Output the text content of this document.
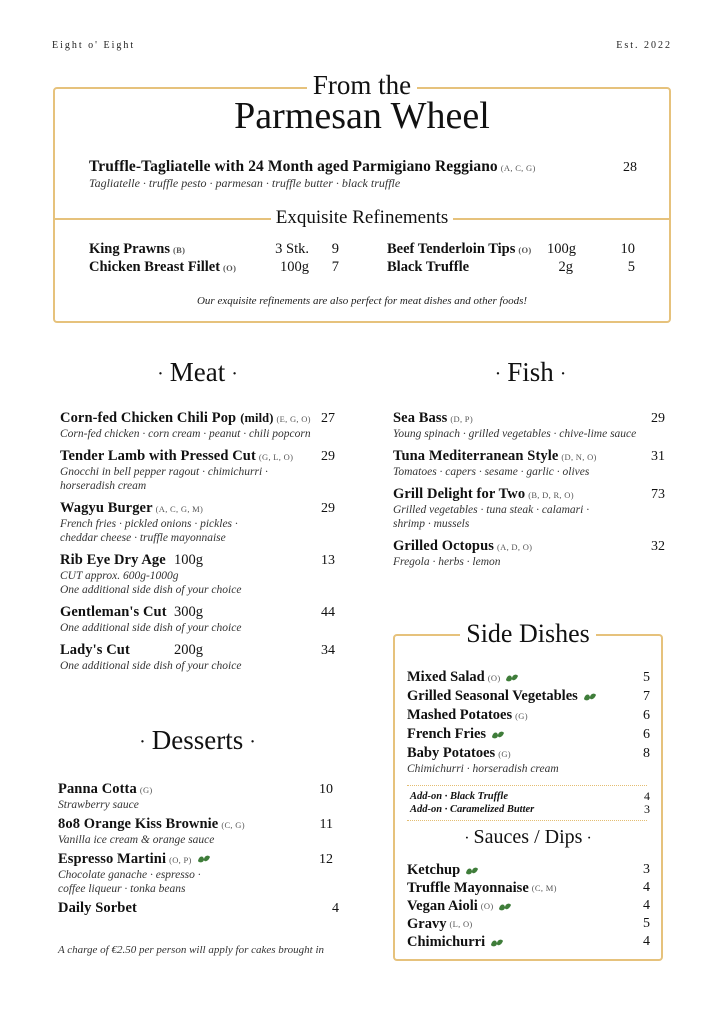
Eight o' Eight	Est. 2022
From the
Parmesan Wheel
Truffle-Tagliatelle with 24 Month aged Parmigiano Reggiano (A, C, G)	28
Tagliatelle · truffle pesto · parmesan · truffle butter · black truffle
Exquisite Refinements
King Prawns (B)	3 Stk.	9
Chicken Breast Fillet (O)	100g	7
Beef Tenderloin Tips (O)	100g	10
Black Truffle	2g	5
Our exquisite refinements are also perfect for meat dishes and other foods!
· Meat ·
Corn-fed Chicken Chili Pop (mild) (E, G, O) 27
Corn-fed chicken · corn cream · peanut · chili popcorn
Tender Lamb with Pressed Cut (G, L, O) 29
Gnocchi in bell pepper ragout · chimichurri ·
horseradish cream
Wagyu Burger (A, C, G, M)	29
French fries · pickled onions · pickles ·
cheddar cheese · truffle mayonnaise
Rib Eye Dry Age 100g	13
CUT approx. 600g-1000g
One additional side dish of your choice
Gentleman's Cut 300g	44
One additional side dish of your choice
Lady's Cut	200g	34
One additional side dish of your choice
· Desserts ·
Panna Cotta (G)	10
Strawberry sauce
8o8 Orange Kiss Brownie (C, G)	11
Vanilla ice cream & orange sauce
Espresso Martini (O, P)	12
Chocolate ganache · espresso ·
coffee liqueur · tonka beans
Daily Sorbet	4
A charge of €2.50 per person will apply for cakes brought in
· Fish ·
Sea Bass (D, P)	29
Young spinach · grilled vegetables · chive-lime sauce
Tuna Mediterranean Style (D, N, O)	31
Tomatoes · capers · sesame · garlic · olives
Grill Delight for Two (B, D, R, O)	73
Grilled vegetables · tuna steak · calamari ·
shrimp · mussels
Grilled Octopus (A, D, O)	32
Fregola · herbs · lemon
Side Dishes
Mixed Salad (O)	5
Grilled Seasonal Vegetables	7
Mashed Potatoes (G)	6
French Fries	6
Baby Potatoes (G)	8
Chimichurri · horseradish cream
Add-on · Black Truffle	4
Add-on · Caramelized Butter	3
· Sauces / Dips ·
Ketchup	3
Truffle Mayonnaise (C, M)	4
Vegan Aioli (O)	4
Gravy (L, O)	5
Chimichurri	4
